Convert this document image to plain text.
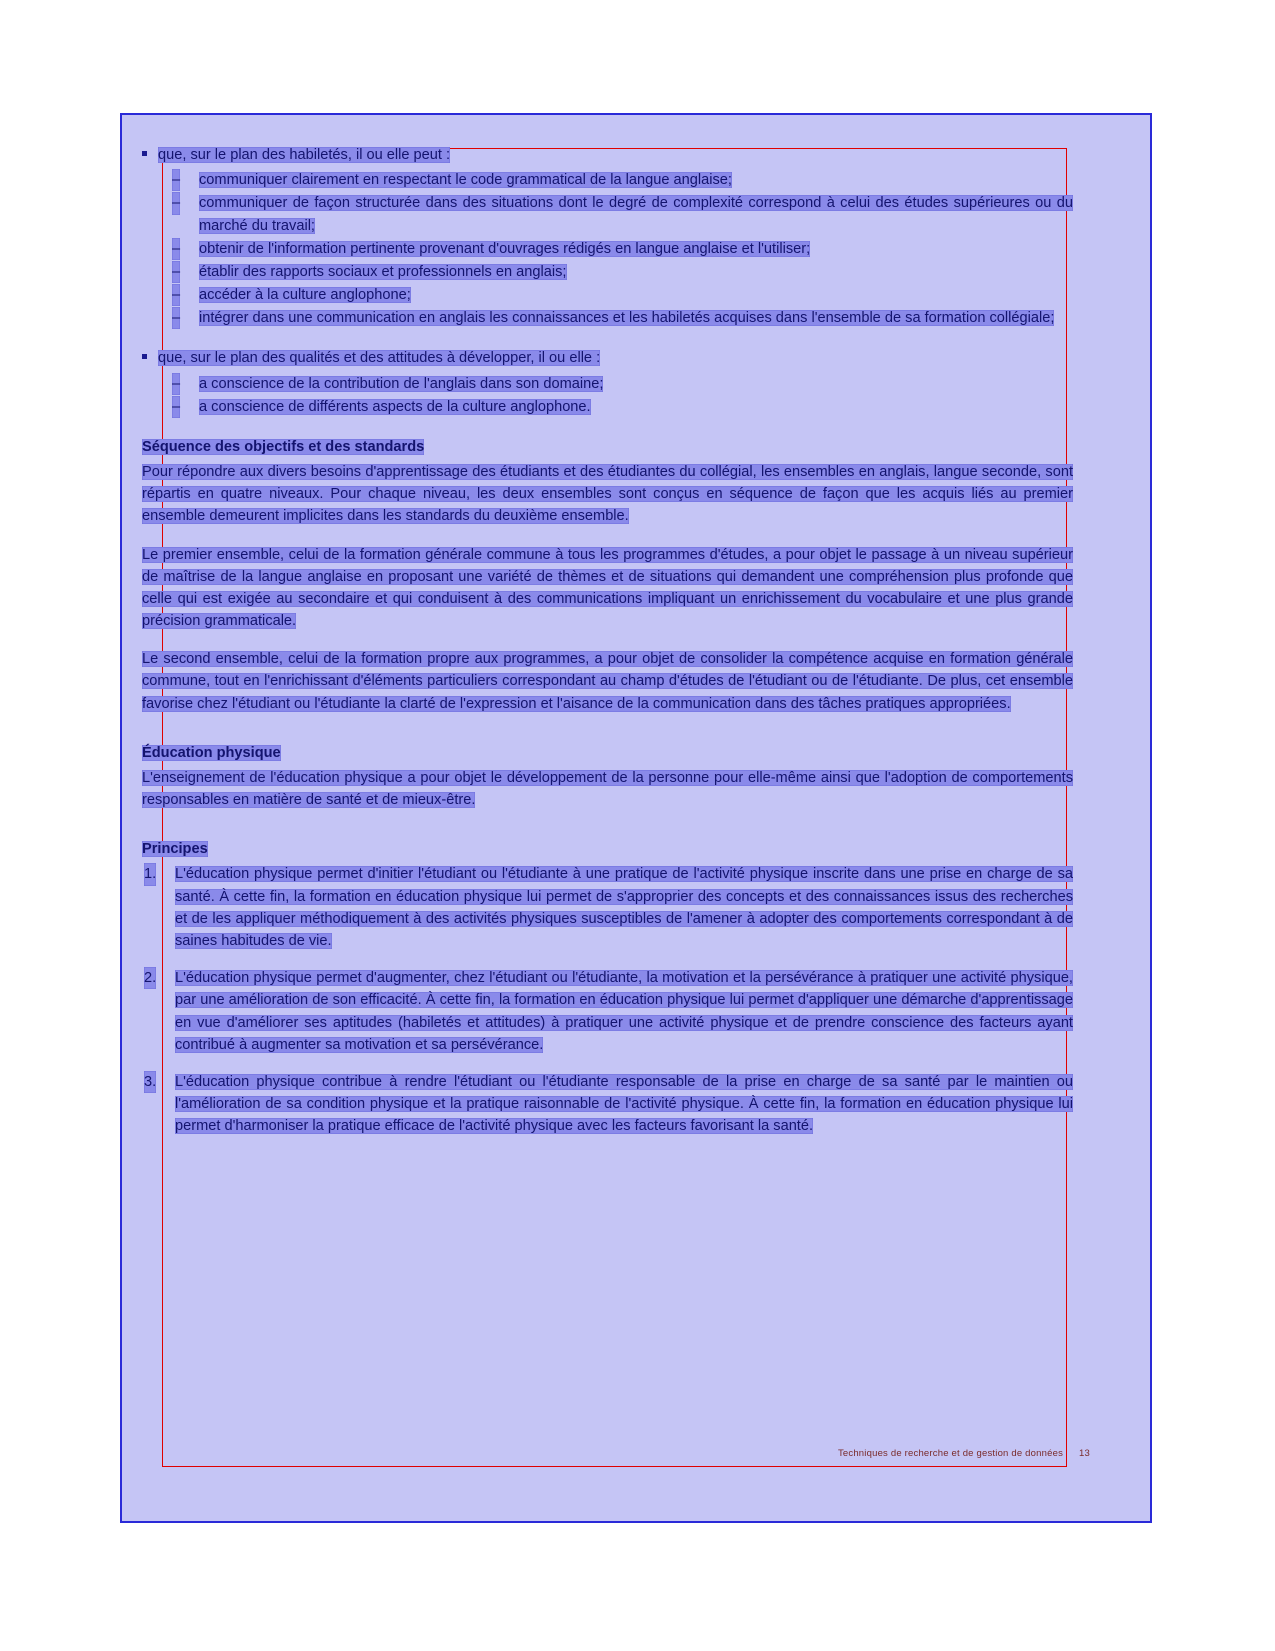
que, sur le plan des habiletés, il ou elle peut :
– communiquer clairement en respectant le code grammatical de la langue anglaise;
– communiquer de façon structurée dans des situations dont le degré de complexité correspond à celui des études supérieures ou du marché du travail;
– obtenir de l'information pertinente provenant d'ouvrages rédigés en langue anglaise et l'utiliser;
– établir des rapports sociaux et professionnels en anglais;
– accéder à la culture anglophone;
– intégrer dans une communication en anglais les connaissances et les habiletés acquises dans l'ensemble de sa formation collégiale;
que, sur le plan des qualités et des attitudes à développer, il ou elle :
– a conscience de la contribution de l'anglais dans son domaine;
– a conscience de différents aspects de la culture anglophone.

Séquence des objectifs et des standards

Pour répondre aux divers besoins d'apprentissage des étudiants et des étudiantes du collégial, les ensembles en anglais, langue seconde, sont répartis en quatre niveaux. Pour chaque niveau, les deux ensembles sont conçus en séquence de façon que les acquis liés au premier ensemble demeurent implicites dans les standards du deuxième ensemble.

Le premier ensemble, celui de la formation générale commune à tous les programmes d'études, a pour objet le passage à un niveau supérieur de maîtrise de la langue anglaise en proposant une variété de thèmes et de situations qui demandent une compréhension plus profonde que celle qui est exigée au secondaire et qui conduisent à des communications impliquant un enrichissement du vocabulaire et une plus grande précision grammaticale.

Le second ensemble, celui de la formation propre aux programmes, a pour objet de consolider la compétence acquise en formation générale commune, tout en l'enrichissant d'éléments particuliers correspondant au champ d'études de l'étudiant ou de l'étudiante. De plus, cet ensemble favorise chez l'étudiant ou l'étudiante la clarté de l'expression et l'aisance de la communication dans des tâches pratiques appropriées.

Éducation physique

L'enseignement de l'éducation physique a pour objet le développement de la personne pour elle-même ainsi que l'adoption de comportements responsables en matière de santé et de mieux-être.

Principes

1. L'éducation physique permet d'initier l'étudiant ou l'étudiante à une pratique de l'activité physique inscrite dans une prise en charge de sa santé. À cette fin, la formation en éducation physique lui permet de s'approprier des concepts et des connaissances issus des recherches et de les appliquer méthodiquement à des activités physiques susceptibles de l'amener à adopter des comportements correspondant à de saines habitudes de vie.
2. L'éducation physique permet d'augmenter, chez l'étudiant ou l'étudiante, la motivation et la persévérance à pratiquer une activité physique, par une amélioration de son efficacité. À cette fin, la formation en éducation physique lui permet d'appliquer une démarche d'apprentissage en vue d'améliorer ses aptitudes (habiletés et attitudes) à pratiquer une activité physique et de prendre conscience des facteurs ayant contribué à augmenter sa motivation et sa persévérance.
3. L'éducation physique contribue à rendre l'étudiant ou l'étudiante responsable de la prise en charge de sa santé par le maintien ou l'amélioration de sa condition physique et la pratique raisonnable de l'activité physique. À cette fin, la formation en éducation physique lui permet d'harmoniser la pratique efficace de l'activité physique avec les facteurs favorisant la santé.
Techniques de recherche et de gestion de données 13
